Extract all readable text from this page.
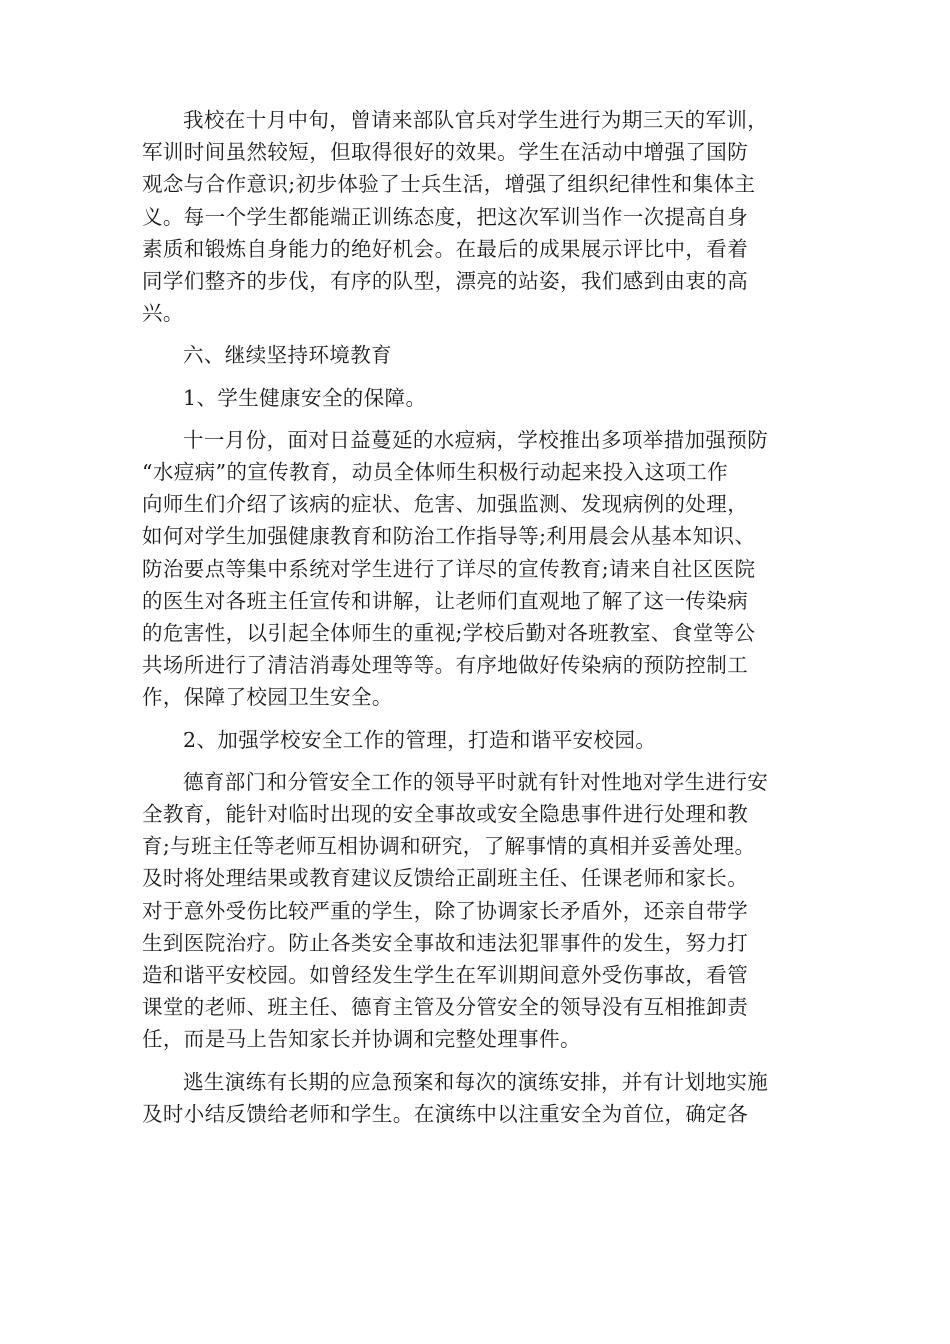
我校在十月中旬，曾请来部队官兵对学生进行为期三天的军训，
军训时间虽然较短，但取得很好的效果。学生在活动中增强了国防
观念与合作意识;初步体验了士兵生活，增强了组织纪律性和集体主
义。每一个学生都能端正训练态度，把这次军训当作一次提高自身
素质和锻炼自身能力的绝好机会。在最后的成果展示评比中，看着
同学们整齐的步伐，有序的队型，漂亮的站姿，我们感到由衷的高
兴。

六、继续坚持环境教育

1、学生健康安全的保障。

十一月份，面对日益蔓延的水痘病，学校推出多项举措加强预防
“水痘病”的宣传教育，动员全体师生积极行动起来投入这项工作
向师生们介绍了该病的症状、危害、加强监测、发现病例的处理，
如何对学生加强健康教育和防治工作指导等;利用晨会从基本知识、
防治要点等集中系统对学生进行了详尽的宣传教育;请来自社区医院
的医生对各班主任宣传和讲解，让老师们直观地了解了这一传染病
的危害性，以引起全体师生的重视;学校后勤对各班教室、食堂等公
共场所进行了清洁消毒处理等等。有序地做好传染病的预防控制工
作，保障了校园卫生安全。

2、加强学校安全工作的管理，打造和谐平安校园。

德育部门和分管安全工作的领导平时就有针对性地对学生进行安
全教育，能针对临时出现的安全事故或安全隐患事件进行处理和教
育;与班主任等老师互相协调和研究，了解事情的真相并妥善处理。
及时将处理结果或教育建议反馈给正副班主任、任课老师和家长。
对于意外受伤比较严重的学生，除了协调家长矛盾外，还亲自带学
生到医院治疗。防止各类安全事故和违法犯罪事件的发生，努力打
造和谐平安校园。如曾经发生学生在军训期间意外受伤事故，看管
课堂的老师、班主任、德育主管及分管安全的领导没有互相推卸责
任，而是马上告知家长并协调和完整处理事件。

逃生演练有长期的应急预案和每次的演练安排，并有计划地实施
及时小结反馈给老师和学生。在演练中以注重安全为首位，确定各
